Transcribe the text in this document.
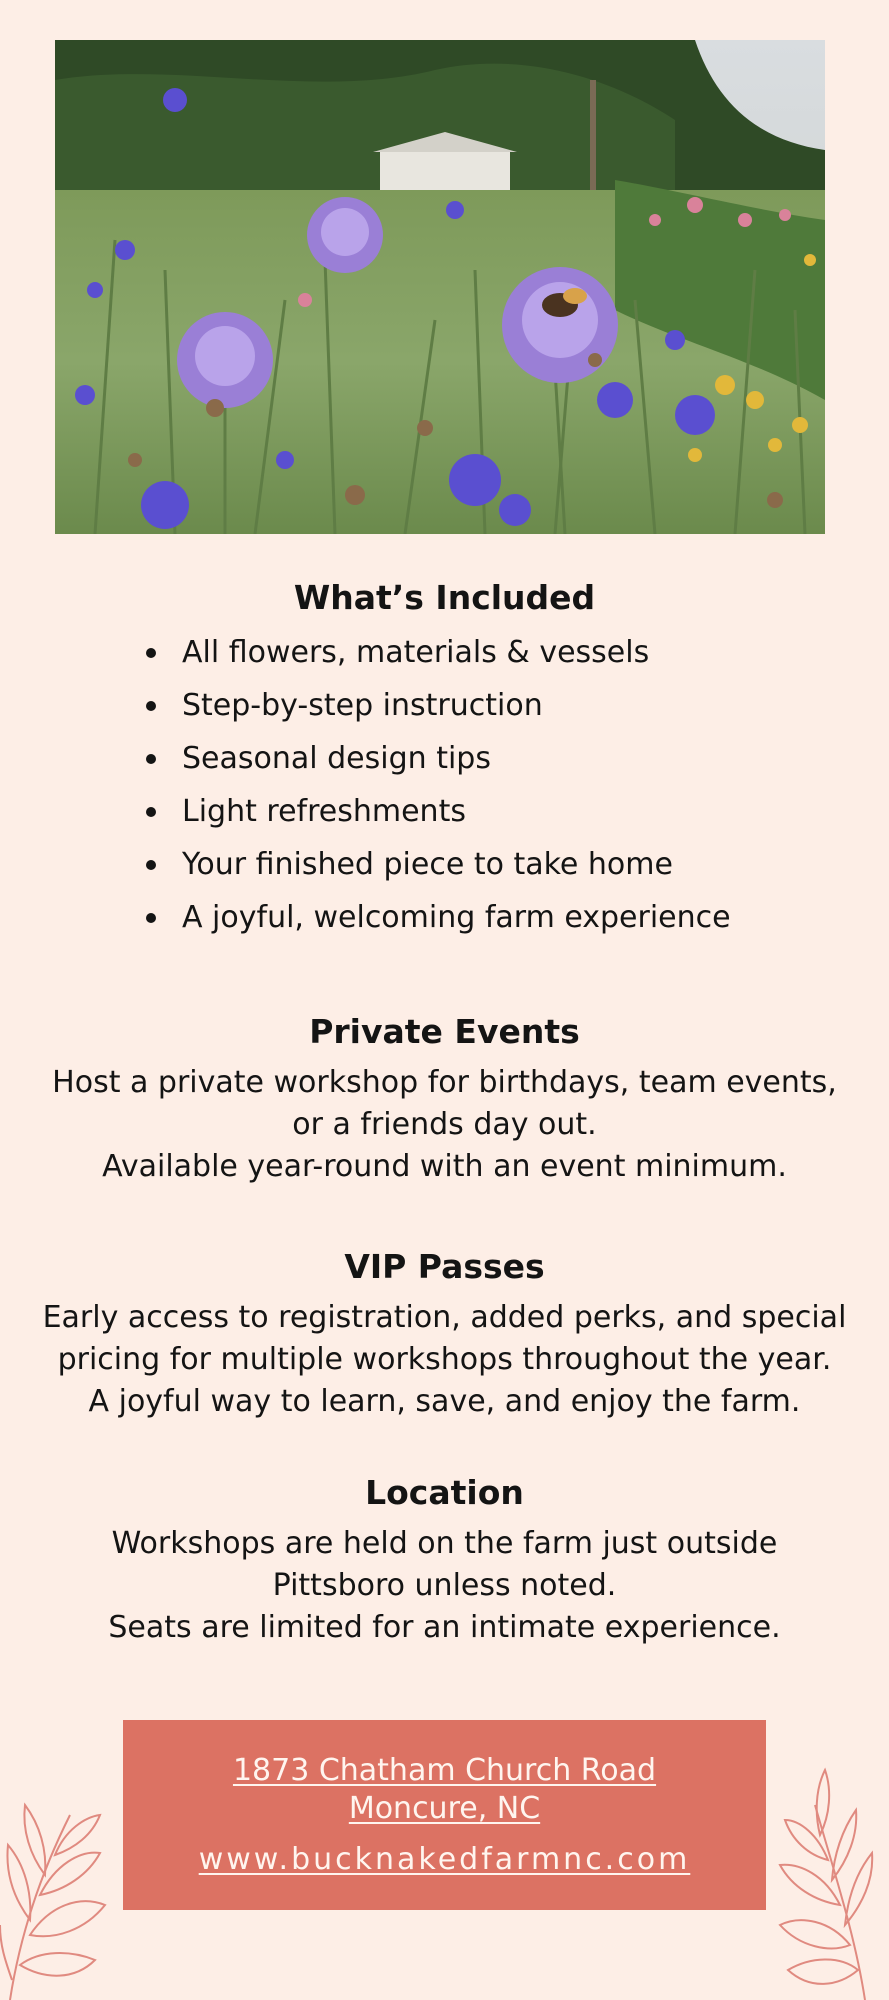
What’s Included
All flowers, materials & vessels
Step-by-step instruction
Seasonal design tips
Light refreshments
Your finished piece to take home
A joyful, welcoming farm experience
Private Events

Host a private workshop for birthdays, team events,
or a friends day out.
Available year-round with an event minimum.

VIP Passes

Early access to registration, added perks, and special
pricing for multiple workshops throughout the year.
A joyful way to learn, save, and enjoy the farm.

Location

Workshops are held on the farm just outside
Pittsboro unless noted.
Seats are limited for an intimate experience.

1873 Chatham Church Road
Moncure, NC
www.bucknakedfarmnc.com
